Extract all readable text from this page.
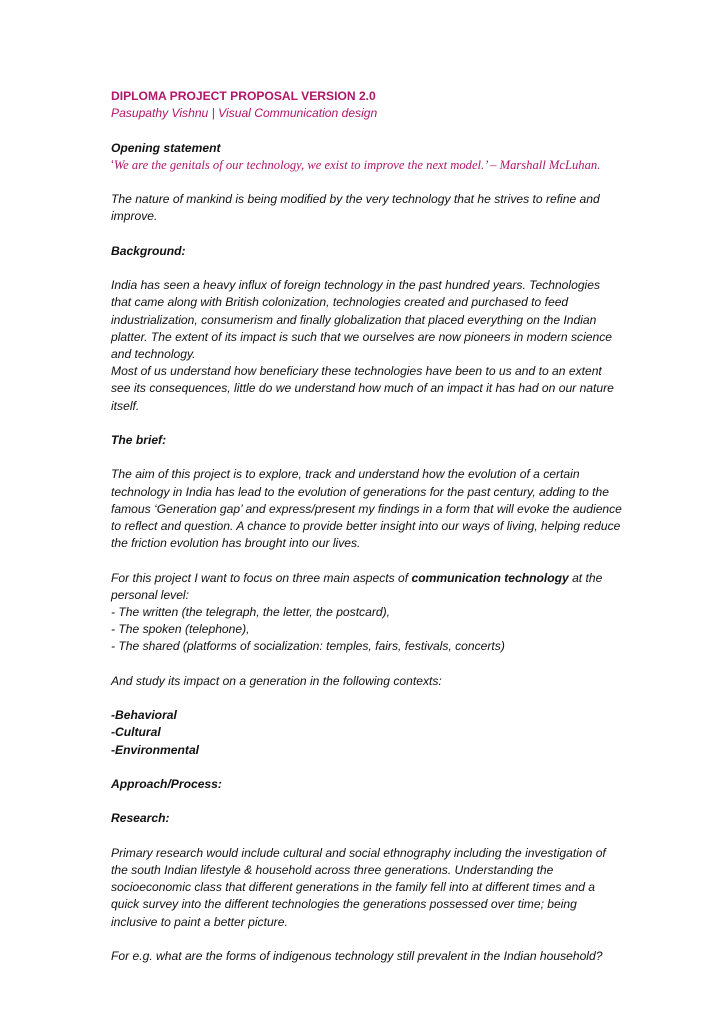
DIPLOMA PROJECT PROPOSAL VERSION 2.0
Pasupathy Vishnu | Visual Communication design
Opening statement
‘We are the genitals of our technology, we exist to improve the next model.’ – Marshall McLuhan.
The nature of mankind is being modified by the very technology that he strives to refine and improve.
Background:
India has seen a heavy influx of foreign technology in the past hundred years. Technologies that came along with British colonization, technologies created and purchased to feed industrialization, consumerism and finally globalization that placed everything on the Indian platter. The extent of its impact is such that we ourselves are now pioneers in modern science and technology.
Most of us understand how beneficiary these technologies have been to us and to an extent see its consequences, little do we understand how much of an impact it has had on our nature itself.
The brief:
The aim of this project is to explore, track and understand how the evolution of a certain technology in India has lead to the evolution of generations for the past century, adding to the famous ‘Generation gap’ and express/present my findings in a form that will evoke the audience to reflect and question. A chance to provide better insight into our ways of living, helping reduce the friction evolution has brought into our lives.
For this project I want to focus on three main aspects of communication technology at the personal level:
- The written (the telegraph, the letter, the postcard),
- The spoken (telephone),
- The shared (platforms of socialization: temples, fairs, festivals, concerts)
And study its impact on a generation in the following contexts:
-Behavioral
-Cultural
-Environmental
Approach/Process:
Research:
Primary research would include cultural and social ethnography including the investigation of the south Indian lifestyle & household across three generations. Understanding the socioeconomic class that different generations in the family fell into at different times and a quick survey into the different technologies the generations possessed over time; being inclusive to paint a better picture.
For e.g. what are the forms of indigenous technology still prevalent in the Indian household?
